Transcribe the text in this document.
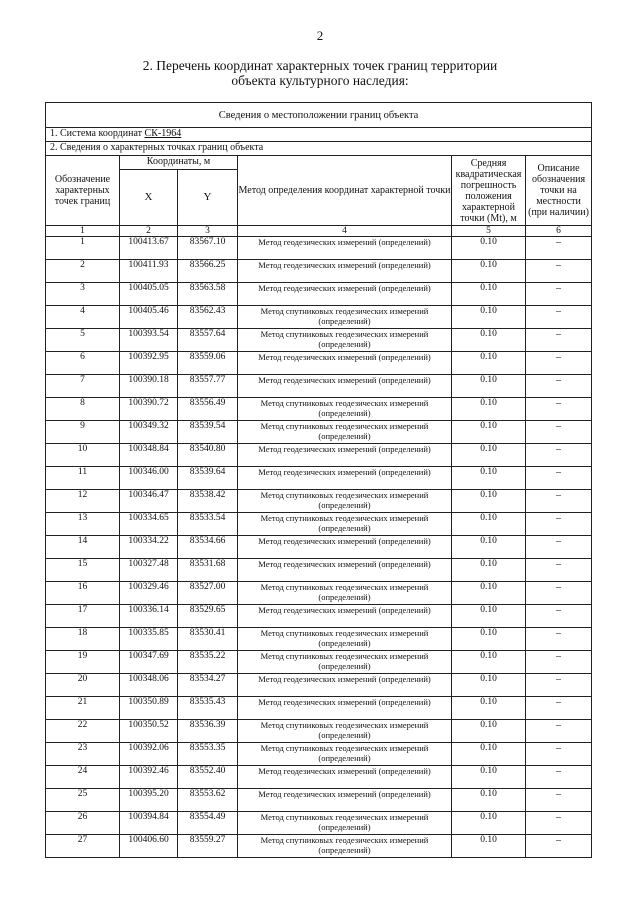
2
2. Перечень координат характерных точек границ территории
объекта культурного наследия:
Сведения о местоположении границ объекта					
1. Система координат СК-1964					
2. Сведения о характерных точках границ объекта					
Обозначение характерных точек границ	Координаты, м		Метод определения координат характерной точки	Средняя квадратическая погрешность положения характерной точки (Mt), м	Описание обозначения точки на местности (при наличии)
	X	Y			
1	2	3	4	5	6
1	100413.67	83567.10	Метод геодезических измерений (определений)	0.10	–
2	100411.93	83566.25	Метод геодезических измерений (определений)	0.10	–
3	100405.05	83563.58	Метод геодезических измерений (определений)	0.10	–
4	100405.46	83562.43	Метод спутниковых геодезических измерений (определений)	0.10	–
5	100393.54	83557.64	Метод спутниковых геодезических измерений (определений)	0.10	–
6	100392.95	83559.06	Метод геодезических измерений (определений)	0.10	–
7	100390.18	83557.77	Метод геодезических измерений (определений)	0.10	–
8	100390.72	83556.49	Метод спутниковых геодезических измерений (определений)	0.10	–
9	100349.32	83539.54	Метод спутниковых геодезических измерений (определений)	0.10	–
10	100348.84	83540.80	Метод геодезических измерений (определений)	0.10	–
11	100346.00	83539.64	Метод геодезических измерений (определений)	0.10	–
12	100346.47	83538.42	Метод спутниковых геодезических измерений (определений)	0.10	–
13	100334.65	83533.54	Метод спутниковых геодезических измерений (определений)	0.10	–
14	100334.22	83534.66	Метод геодезических измерений (определений)	0.10	–
15	100327.48	83531.68	Метод геодезических измерений (определений)	0.10	–
16	100329.46	83527.00	Метод спутниковых геодезических измерений (определений)	0.10	–
17	100336.14	83529.65	Метод геодезических измерений (определений)	0.10	–
18	100335.85	83530.41	Метод спутниковых геодезических измерений (определений)	0.10	–
19	100347.69	83535.22	Метод спутниковых геодезических измерений (определений)	0.10	–
20	100348.06	83534.27	Метод геодезических измерений (определений)	0.10	–
21	100350.89	83535.43	Метод геодезических измерений (определений)	0.10	–
22	100350.52	83536.39	Метод спутниковых геодезических измерений (определений)	0.10	–
23	100392.06	83553.35	Метод спутниковых геодезических измерений (определений)	0.10	–
24	100392.46	83552.40	Метод геодезических измерений (определений)	0.10	–
25	100395.20	83553.62	Метод геодезических измерений (определений)	0.10	–
26	100394.84	83554.49	Метод спутниковых геодезических измерений (определений)	0.10	–
27	100406.60	83559.27	Метод спутниковых геодезических измерений (определений)	0.10	–
